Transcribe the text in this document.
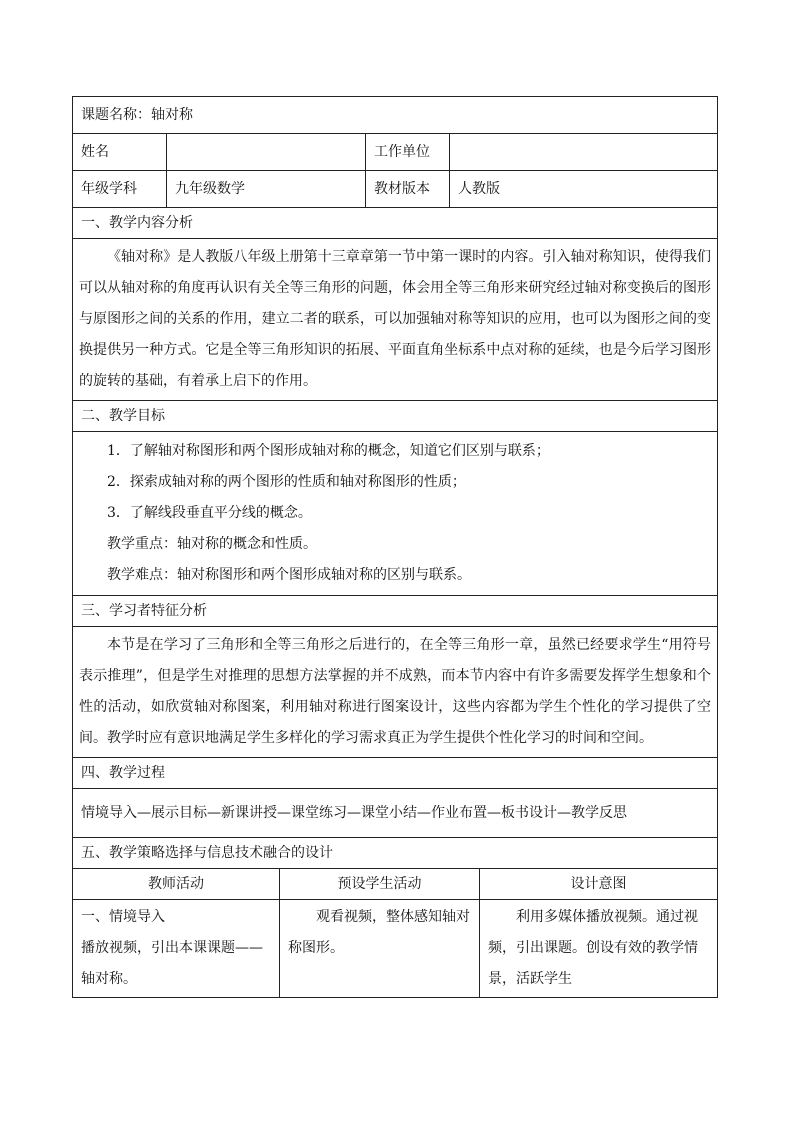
课题名称：轴对称					
姓名			工作单位		
年级学科	九年级数学		教材版本	人教版	
一、教学内容分析					
《轴对称》是人教版八年级上册第十三章章第一节中第一课时的内容。引入轴对称知识，使得我们可以从轴对称的角度再认识有关全等三角形的问题，体会用全等三角形来研究经过轴对称变换后的图形与原图形之间的关系的作用，建立二者的联系，可以加强轴对称等知识的应用，也可以为图形之间的变换提供另一种方式。它是全等三角形知识的拓展、平面直角坐标系中点对称的延续，也是今后学习图形的旋转的基础，有着承上启下的作用。					
二、教学目标					

1．了解轴对称图形和两个图形成轴对称的概念，知道它们区别与联系；
2．探索成轴对称的两个图形的性质和轴对称图形的性质；
3．了解线段垂直平分线的概念。
教学重点：轴对称的概念和性质。
教学难点：轴对称图形和两个图形成轴对称的区别与联系。					

三、学习者特征分析					
本节是在学习了三角形和全等三角形之后进行的，在全等三角形一章，虽然已经要求学生“用符号表示推理”，但是学生对推理的思想方法掌握的并不成熟，而本节内容中有许多需要发挥学生想象和个性的活动，如欣赏轴对称图案，利用轴对称进行图案设计，这些内容都为学生个性化的学习提供了空间。教学时应有意识地满足学生多样化的学习需求真正为学生提供个性化学习的时间和空间。					
四、教学过程					
情境导入—展示目标—新课讲授—课堂练习—课堂小结—作业布置—板书设计—教学反思					
五、教学策略选择与信息技术融合的设计					
教师活动		预设学生活动			设计意图

一、情境导入
播放视频，引出本课课题——轴对称。		观看视频，整体感知轴对称图形。			利用多媒体播放视频。通过视频，引出课题。创设有效的教学情景，活跃学生
